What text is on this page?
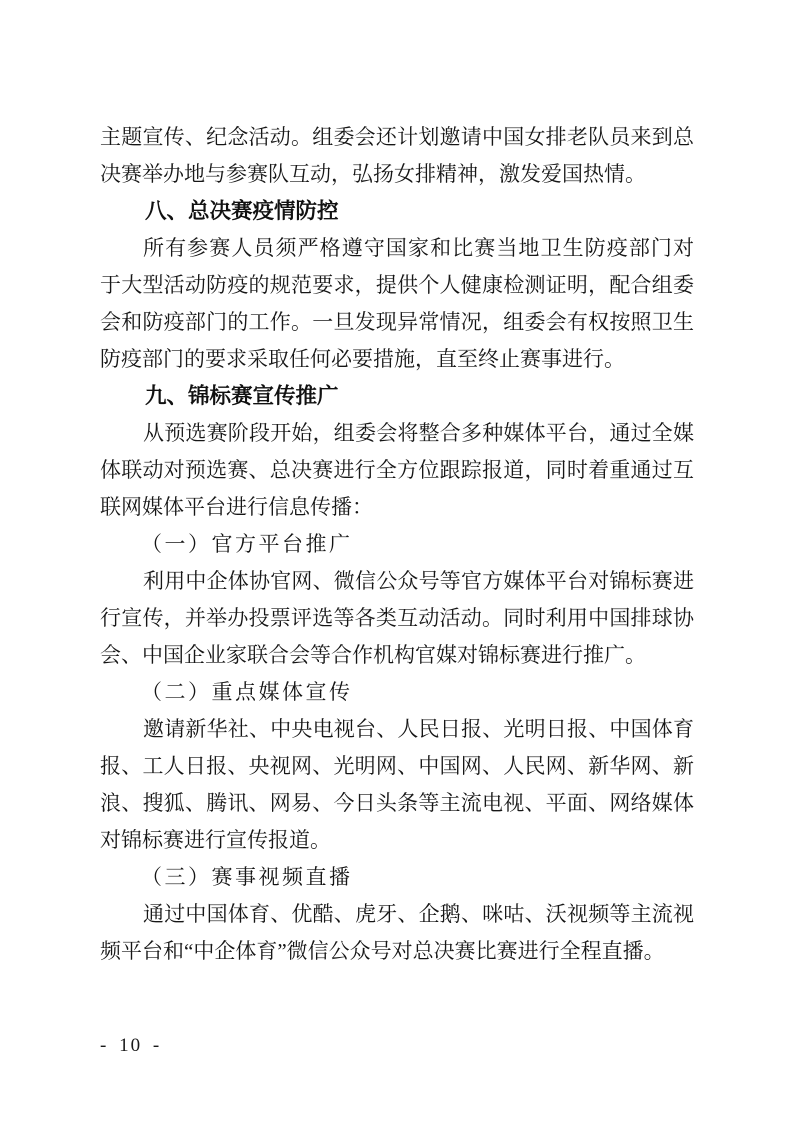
主题宣传、纪念活动。组委会还计划邀请中国女排老队员来到总
决赛举办地与参赛队互动，弘扬女排精神，激发爱国热情。
八、总决赛疫情防控
所有参赛人员须严格遵守国家和比赛当地卫生防疫部门对
于大型活动防疫的规范要求，提供个人健康检测证明，配合组委
会和防疫部门的工作。一旦发现异常情况，组委会有权按照卫生
防疫部门的要求采取任何必要措施，直至终止赛事进行。
九、锦标赛宣传推广
从预选赛阶段开始，组委会将整合多种媒体平台，通过全媒
体联动对预选赛、总决赛进行全方位跟踪报道，同时着重通过互
联网媒体平台进行信息传播：
（一）官方平台推广
利用中企体协官网、微信公众号等官方媒体平台对锦标赛进
行宣传，并举办投票评选等各类互动活动。同时利用中国排球协
会、中国企业家联合会等合作机构官媒对锦标赛进行推广。
（二）重点媒体宣传
邀请新华社、中央电视台、人民日报、光明日报、中国体育
报、工人日报、央视网、光明网、中国网、人民网、新华网、新
浪、搜狐、腾讯、网易、今日头条等主流电视、平面、网络媒体
对锦标赛进行宣传报道。
（三）赛事视频直播
通过中国体育、优酷、虎牙、企鹅、咪咕、沃视频等主流视
频平台和“中企体育”微信公众号对总决赛比赛进行全程直播。
- 10 -
